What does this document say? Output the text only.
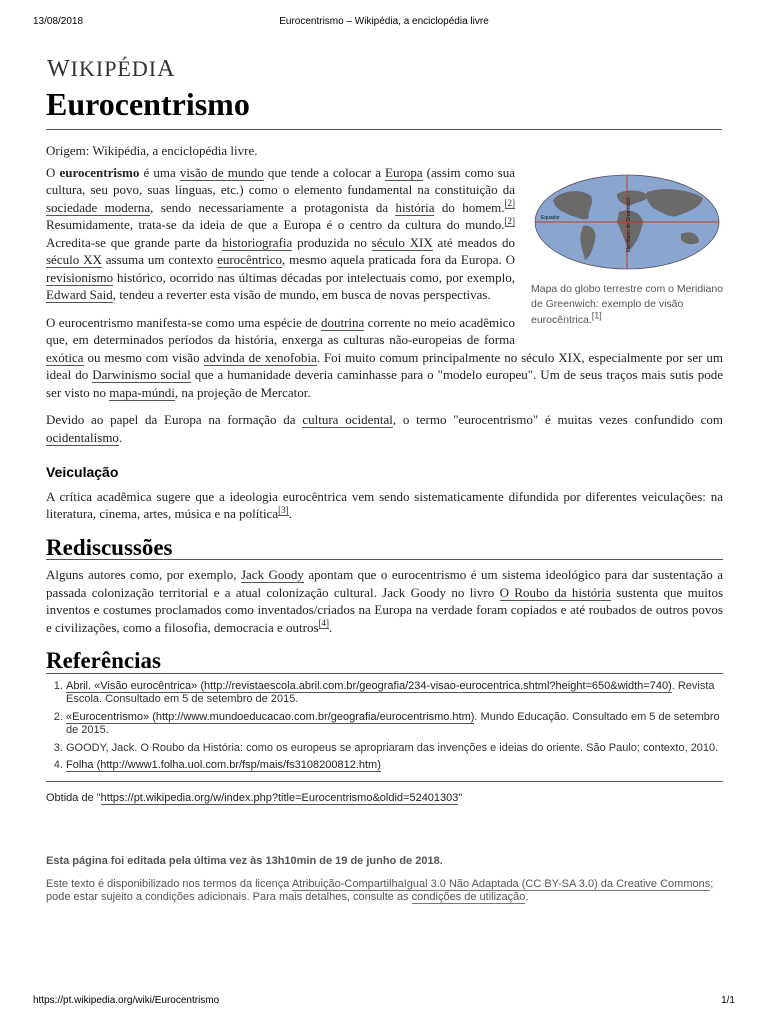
13/08/2018	Eurocentrismo – Wikipédia, a enciclopédia livre
WIKIPÉDIA
Eurocentrismo

Origem: Wikipédia, a enciclopédia livre.

Equador	Meridiano de Greenwich
Mapa do globo terrestre com o Meridiano de Greenwich: exemplo de visão eurocêntrica.[1]

O eurocentrismo é uma visão de mundo que tende a colocar a Europa (assim como sua cultura, seu povo, suas línguas, etc.) como o elemento fundamental na constituição da sociedade moderna, sendo necessariamente a protagonista da história do homem.[2] Resumidamente, trata-se da ideia de que a Europa é o centro da cultura do mundo.[2] Acredita-se que grande parte da historiografia produzida no século XIX até meados do século XX assuma um contexto eurocêntrico, mesmo aquela praticada fora da Europa. O revisionismo histórico, ocorrido nas últimas décadas por intelectuais como, por exemplo, Edward Said, tendeu a reverter esta visão de mundo, em busca de novas perspectivas.

O eurocentrismo manifesta-se como uma espécie de doutrina corrente no meio acadêmico que, em determinados períodos da história, enxerga as culturas não-europeias de forma exótica ou mesmo com visão advinda de xenofobia. Foi muito comum principalmente no século XIX, especialmente por ser um ideal do Darwinismo social que a humanidade deveria caminhasse para o "modelo europeu". Um de seus traços mais sutis pode ser visto no mapa-múndi, na projeção de Mercator.

Devido ao papel da Europa na formação da cultura ocidental, o termo "eurocentrismo" é muitas vezes confundido com ocidentalismo.

Veiculação

A crítica acadêmica sugere que a ideologia eurocêntrica vem sendo sistematicamente difundida por diferentes veiculações: na literatura, cinema, artes, música e na política[3].

Rediscussões

Alguns autores como, por exemplo, Jack Goody apontam que o eurocentrismo é um sistema ideológico para dar sustentação a passada colonização territorial e a atual colonização cultural. Jack Goody no livro O Roubo da história sustenta que muitos inventos e costumes proclamados como inventados/criados na Europa na verdade foram copiados e até roubados de outros povos e civilizações, como a filosofia, democracia e outros[4].

Referências
1. Abril. «Visão eurocêntrica» (http://revistaescola.abril.com.br/geografia/234-visao-eurocentrica.shtml?height=650&width=740). Revista Escola. Consultado em 5 de setembro de 2015.
2. «Eurocentrismo» (http://www.mundoeducacao.com.br/geografia/eurocentrismo.htm). Mundo Educação. Consultado em 5 de setembro de 2015.
3. GOODY, Jack. O Roubo da História: como os europeus se apropriaram das invenções e ideias do oriente. São Paulo; contexto, 2010.
4. Folha (http://www1.folha.uol.com.br/fsp/mais/fs3108200812.htm)
Obtida de "https://pt.wikipedia.org/w/index.php?title=Eurocentrismo&oldid=52401303"
Esta página foi editada pela última vez às 13h10min de 19 de junho de 2018.
Este texto é disponibilizado nos termos da licença Atribuição-CompartilhaIgual 3.0 Não Adaptada (CC BY-SA 3.0) da Creative Commons; pode estar sujeito a condições adicionais. Para mais detalhes, consulte as condições de utilização.
https://pt.wikipedia.org/wiki/Eurocentrismo	1/1
